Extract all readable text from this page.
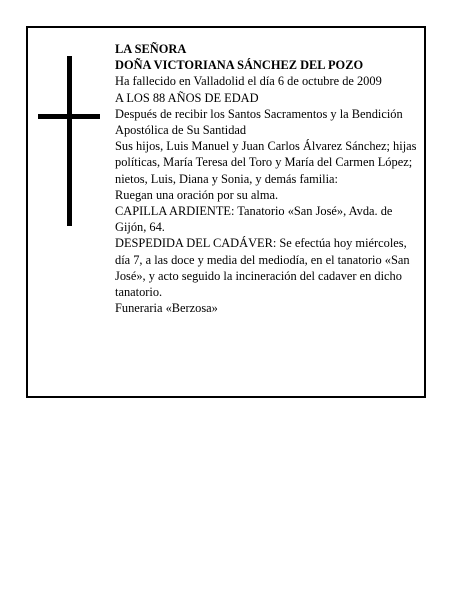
LA SEÑORA

DOÑA VICTORIANA SÁNCHEZ DEL POZO

Ha fallecido en Valladolid el día 6 de octubre de 2009

A LOS 88 AÑOS DE EDAD

Después de recibir los Santos Sacramentos y la Bendición Apostólica de Su Santidad

Sus hijos, Luis Manuel y Juan Carlos Álvarez Sánchez; hijas políticas, María Teresa del Toro y María del Carmen López; nietos, Luis, Diana y Sonia, y demás familia:

Ruegan una oración por su alma.

CAPILLA ARDIENTE: Tanatorio «San José», Avda. de Gijón, 64.

DESPEDIDA DEL CADÁVER: Se efectúa hoy miércoles, día 7, a las doce y media del mediodía, en el tanatorio «San José», y acto seguido la incineración del cadaver en dicho tanatorio.

Funeraria «Berzosa»
